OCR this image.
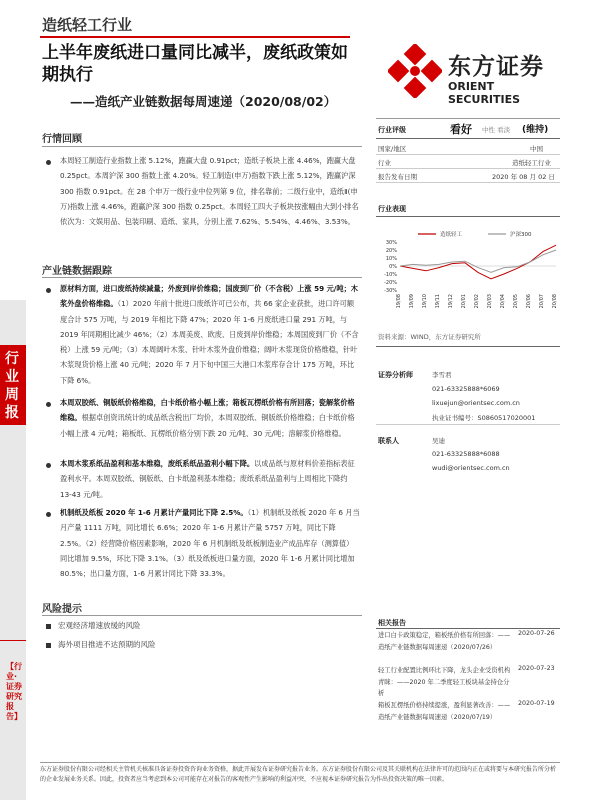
造纸轻工行业
上半年废纸进口量同比减半，废纸政策如期执行
——造纸产业链数据每周速递（2020/08/02）
东方证券
ORIENT SECURITIES
行业周报
【行业·证券研究报告】
行情回顾
本周轻工制造行业指数上涨 5.12%，跑赢大盘 0.91pct；造纸子板块上涨 4.46%，跑赢大盘 0.25pct。本周沪深 300 指数上涨 4.20%。轻工制造(申万)指数下跌上涨 5.12%，跑赢沪深 300 指数 0.91pct。在 28 个申万一级行业中位列第 9 位，排名靠前；二级行业中，造纸Ⅱ(申万)指数上涨 4.46%，跑赢沪深 300 指数 0.25pct。本周轻工四大子板块按涨幅由大到小排名依次为：文娱用品、包装印刷、造纸、家具，分别上涨 7.62%、5.54%、4.46%、3.53%。
产业链数据跟踪
原材料方面，进口废纸持续减量；外废到岸价维稳；国废到厂价（不含税）上涨 59 元/吨；木浆外盘价格维稳。（1）2020 年前十批进口废纸许可已公布，共 66 家企业获批，进口许可额度合计 575 万吨，与 2019 年相比下降 47%；2020 年 1-6 月废纸进口量 291 万吨，与 2019 年同期相比减少 46%；（2）本周美废、欧废、日废到岸价维稳；本周国废到厂价（不含税）上涨 59 元/吨；（3）本周阔叶木浆、针叶木浆外盘价维稳；阔叶木浆现货价格维稳，针叶木浆现货价格上涨 40 元/吨；2020 年 7 月下旬中国三大港口木浆库存合计 175 万吨，环比下降 6%。
本周双胶纸、铜版纸价格维稳，白卡纸价格小幅上涨；箱板瓦楞纸价格有所回落；瓷解浆价格维稳。根据卓创资讯统计的成品纸含税出厂均价，本周双胶纸、铜版纸价格维稳；白卡纸价格小幅上涨 4 元/吨；箱板纸、瓦楞纸价格分别下跌 20 元/吨、30 元/吨；溶解浆价格维稳。
本周木浆系纸品盈利和基本维稳，废纸系纸品盈利小幅下降。以成品纸与原材料价差指标表征盈利水平。本周双胶纸、铜版纸、白卡纸盈利基本维稳；废纸系纸品盈利与上周相比下降约 13-43 元/吨。
机制纸及纸板 2020 年 1-6 月累计产量同比下降 2.5%。（1）机制纸及纸板 2020 年 6 月当月产量 1111 万吨，同比增长 6.6%；2020 年 1-6 月累计产量 5757 万吨，同比下降 2.5%。（2）经营降价格因素影响，2020 年 6 月机制纸及纸板制造业产成品库存（测算值）同比增加 9.5%，环比下降 3.1%。（3）纸及纸板进口量方面，2020 年 1-6 月累计同比增加 80.5%；出口量方面，1-6 月累计同比下降 33.3%。
风险提示
宏观经济增速放缓的风险
海外项目推进不达预期的风险
行业评级	看好 中性 看淡 (维持)
国家/地区	中国
行业	造纸轻工行业
报告发布日期	2020 年 08 月 02 日
行业表现
造纸轻工	沪深300
-30%
-20%
-10%
0%
10%
20%
30%
19/08 19/09 19/10 19/11 19/12 20/01 20/02 20/03 20/04 20/05 20/06 20/07 20/08
资料来源：WIND，东方证券研究所
证券分析师	李雪君
021-63325888*6069
lixuejun@orientsec.com.cn
执业证书编号：S0860517020001
联系人	吴迪
021-63325888*6088
wudi@orientsec.com.cn
相关报告
进口白卡政策稳定，箱板纸价格有所回落：——造纸产业链数据每周速递（2020/07/26）
2020-07-26
轻工行业配置比例环比下降，龙头企业受资机构青睐：——2020 年二季度轻工板块基金持仓分析
2020-07-23
箱板瓦楞纸价格持续提涨，盈利显著改善：——造纸产业链数据每周速递（2020/07/19）
2020-07-19
东方证券股份有限公司经相关主管机关核准具备证券投资咨询业务资格，据此开展发布证券研究报告业务。东方证券股份有限公司及其关联机构在法律许可的范围内正在或将要与本研究报告所分析的企业发展业务关系。因此，投资者应当考虑到本公司可能存在对报告的客观性产生影响的利益冲突，不应视本证券研究报告为作出投资决策的唯一因素。
